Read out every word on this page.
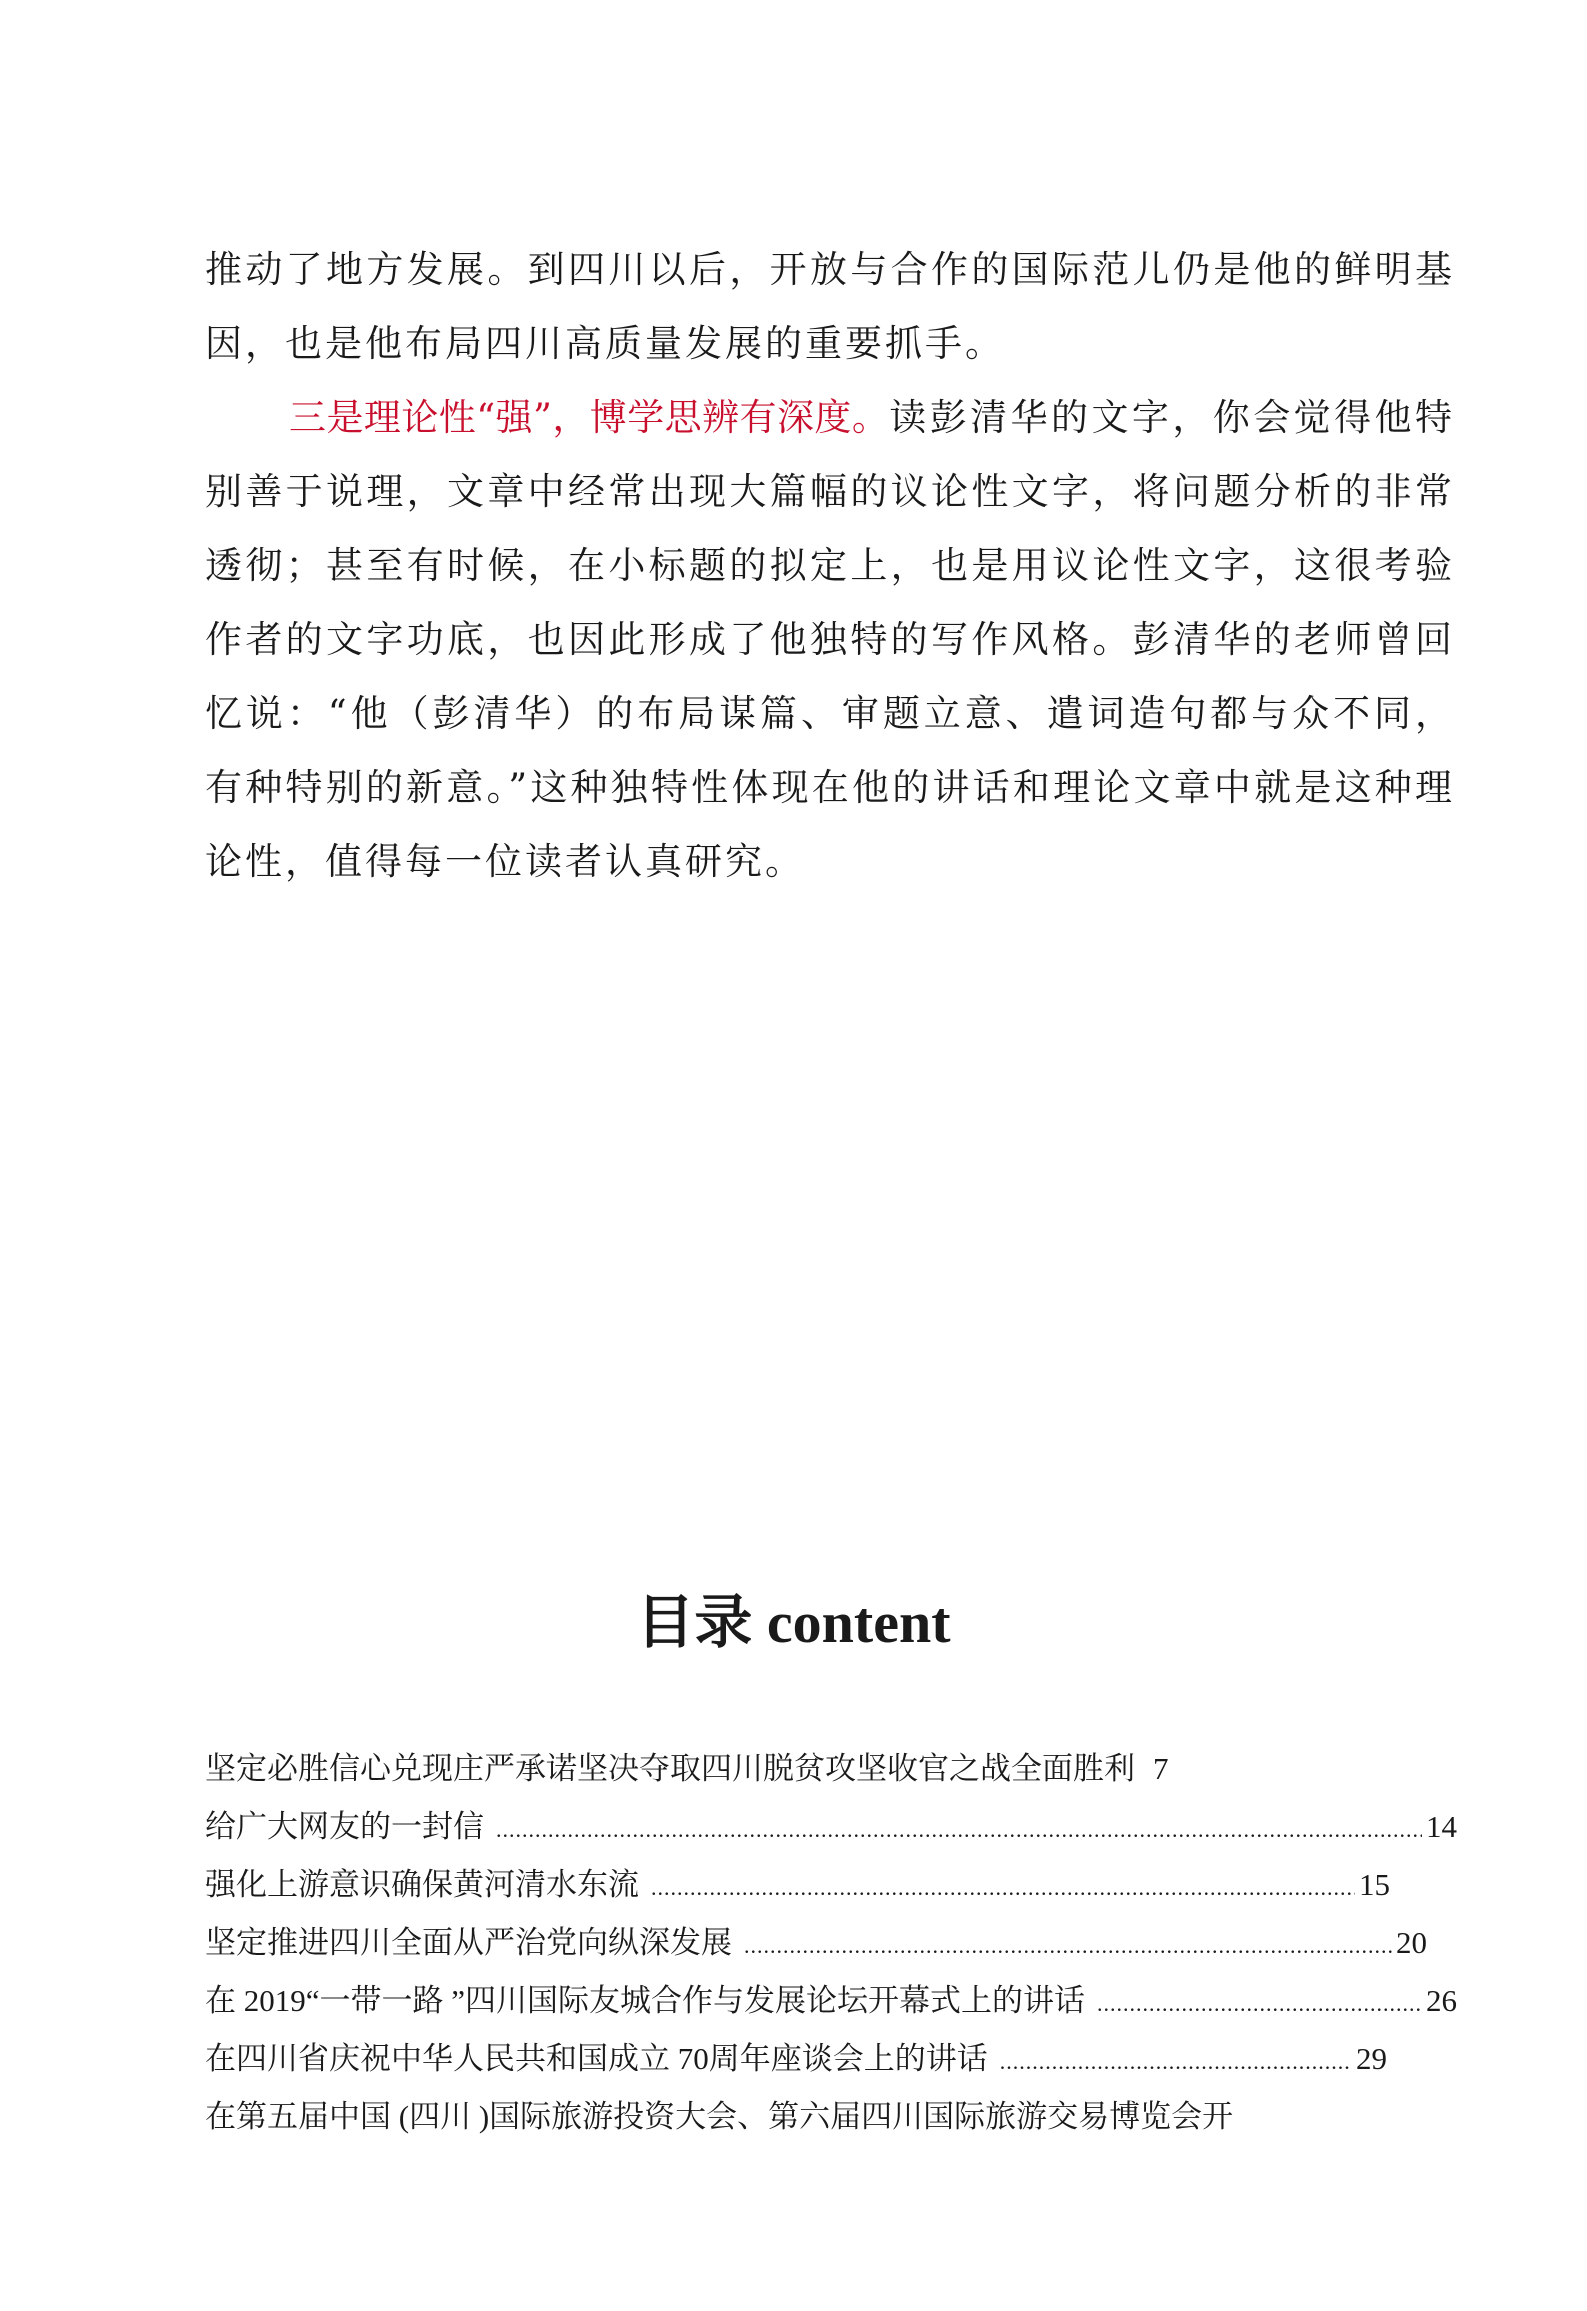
推动了地方发展。到四川以后，开放与合作的国际范儿仍是他的鲜明基因，也是他布局四川高质量发展的重要抓手。

三是理论性“强”，博学思辨有深度。读彭清华的文字，你会觉得他特别善于说理，文章中经常出现大篇幅的议论性文字，将问题分析的非常透彻；甚至有时候，在小标题的拟定上，也是用议论性文字，这很考验作者的文字功底，也因此形成了他独特的写作风格。彭清华的老师曾回忆说：“他（彭清华）的布局谋篇、审题立意、遣词造句都与众不同，有种特别的新意。”这种独特性体现在他的讲话和理论文章中就是这种理论性，值得每一位读者认真研究。

目录 content
坚定必胜信心兑现庄严承诺坚决夺取四川脱贫攻坚收官之战全面胜利 7
给广大网友的一封信 .....	14
强化上游意识确保黄河清水东流 .....	15
坚定推进四川全面从严治党向纵深发展 .....	20
在 2019“一带一路 ”四川国际友城合作与发展论坛开幕式上的讲话 .....	26
在四川省庆祝中华人民共和国成立 70周年座谈会上的讲话 .....	29
在第五届中国 (四川 )国际旅游投资大会、第六届四川国际旅游交易博览会开
